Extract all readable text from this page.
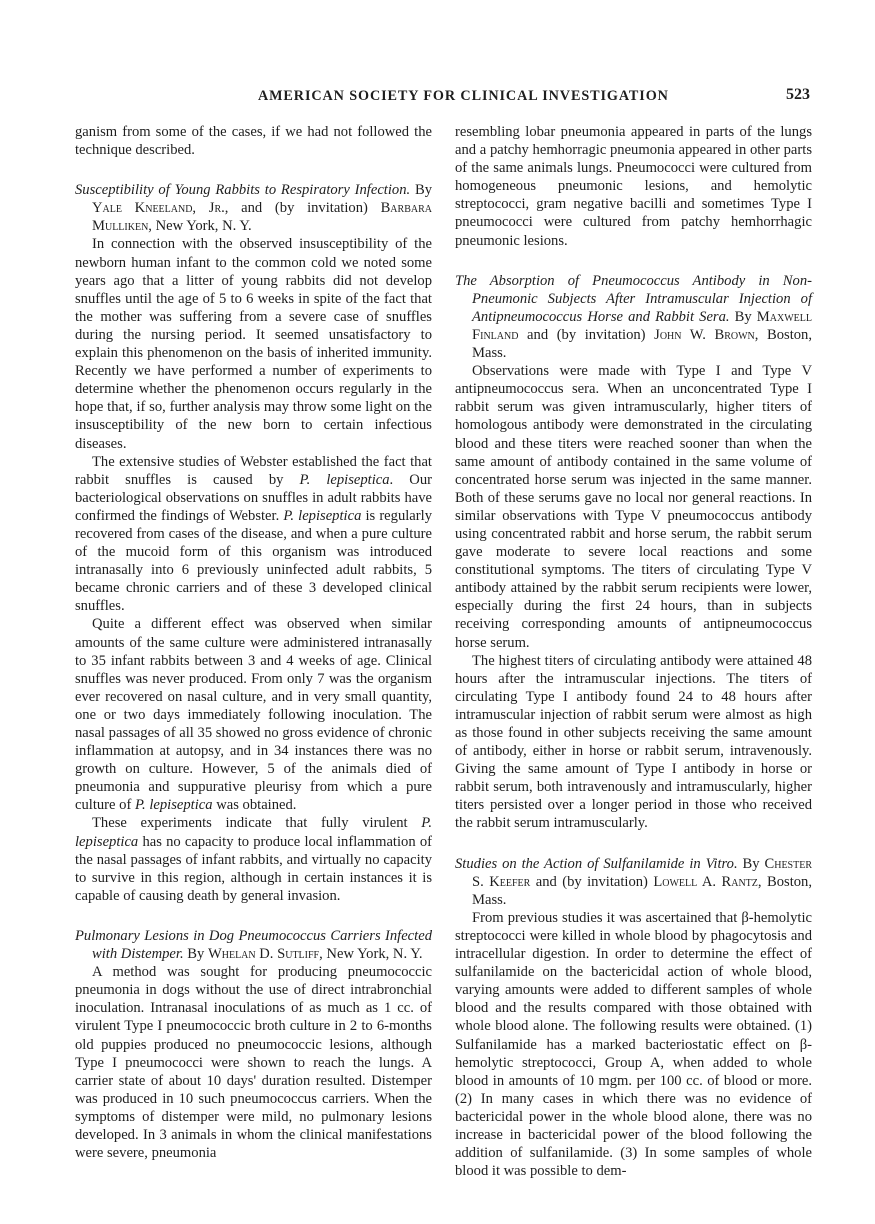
AMERICAN SOCIETY FOR CLINICAL INVESTIGATION	523

ganism from some of the cases, if we had not followed the technique described.

Susceptibility of Young Rabbits to Respiratory Infection. By Yale Kneeland, Jr., and (by invitation) Barbara Mulliken, New York, N. Y.

In connection with the observed insusceptibility of the newborn human infant to the common cold we noted some years ago that a litter of young rabbits did not develop snuffles until the age of 5 to 6 weeks in spite of the fact that the mother was suffering from a severe case of snuffles during the nursing period. It seemed unsatisfactory to explain this phenomenon on the basis of inherited immunity. Recently we have performed a number of experiments to determine whether the phenomenon occurs regularly in the hope that, if so, further analysis may throw some light on the insusceptibility of the new born to certain infectious diseases.

The extensive studies of Webster established the fact that rabbit snuffles is caused by P. lepiseptica. Our bacteriological observations on snuffles in adult rabbits have confirmed the findings of Webster. P. lepiseptica is regularly recovered from cases of the disease, and when a pure culture of the mucoid form of this organism was introduced intranasally into 6 previously uninfected adult rabbits, 5 became chronic carriers and of these 3 developed clinical snuffles.

Quite a different effect was observed when similar amounts of the same culture were administered intranasally to 35 infant rabbits between 3 and 4 weeks of age. Clinical snuffles was never produced. From only 7 was the organism ever recovered on nasal culture, and in very small quantity, one or two days immediately following inoculation. The nasal passages of all 35 showed no gross evidence of chronic inflammation at autopsy, and in 34 instances there was no growth on culture. However, 5 of the animals died of pneumonia and suppurative pleurisy from which a pure culture of P. lepiseptica was obtained.

These experiments indicate that fully virulent P. lepiseptica has no capacity to produce local inflammation of the nasal passages of infant rabbits, and virtually no capacity to survive in this region, although in certain instances it is capable of causing death by general invasion.

Pulmonary Lesions in Dog Pneumococcus Carriers Infected with Distemper. By Whelan D. Sutliff, New York, N. Y.

A method was sought for producing pneumococcic pneumonia in dogs without the use of direct intrabronchial inoculation. Intranasal inoculations of as much as 1 cc. of virulent Type I pneumococcic broth culture in 2 to 6-months old puppies produced no pneumococcic lesions, although Type I pneumococci were shown to reach the lungs. A carrier state of about 10 days' duration resulted. Distemper was produced in 10 such pneumococcus carriers. When the symptoms of distemper were mild, no pulmonary lesions developed. In 3 animals in whom the clinical manifestations were severe, pneumonia

resembling lobar pneumonia appeared in parts of the lungs and a patchy hemhorragic pneumonia appeared in other parts of the same animals lungs. Pneumococci were cultured from homogeneous pneumonic lesions, and hemolytic streptococci, gram negative bacilli and sometimes Type I pneumococci were cultured from patchy hemhorrhagic pneumonic lesions.

The Absorption of Pneumococcus Antibody in Non-Pneumonic Subjects After Intramuscular Injection of Antipneumococcus Horse and Rabbit Sera. By Maxwell Finland and (by invitation) John W. Brown, Boston, Mass.

Observations were made with Type I and Type V antipneumococcus sera. When an unconcentrated Type I rabbit serum was given intramuscularly, higher titers of homologous antibody were demonstrated in the circulating blood and these titers were reached sooner than when the same amount of antibody contained in the same volume of concentrated horse serum was injected in the same manner. Both of these serums gave no local nor general reactions. In similar observations with Type V pneumococcus antibody using concentrated rabbit and horse serum, the rabbit serum gave moderate to severe local reactions and some constitutional symptoms. The titers of circulating Type V antibody attained by the rabbit serum recipients were lower, especially during the first 24 hours, than in subjects receiving corresponding amounts of antipneumococcus horse serum.

The highest titers of circulating antibody were attained 48 hours after the intramuscular injections. The titers of circulating Type I antibody found 24 to 48 hours after intramuscular injection of rabbit serum were almost as high as those found in other subjects receiving the same amount of antibody, either in horse or rabbit serum, intravenously. Giving the same amount of Type I antibody in horse or rabbit serum, both intravenously and intramuscularly, higher titers persisted over a longer period in those who received the rabbit serum intramuscularly.

Studies on the Action of Sulfanilamide in Vitro. By Chester S. Keefer and (by invitation) Lowell A. Rantz, Boston, Mass.

From previous studies it was ascertained that β-hemolytic streptococci were killed in whole blood by phagocytosis and intracellular digestion. In order to determine the effect of sulfanilamide on the bactericidal action of whole blood, varying amounts were added to different samples of whole blood and the results compared with those obtained with whole blood alone. The following results were obtained. (1) Sulfanilamide has a marked bacteriostatic effect on β-hemolytic streptococci, Group A, when added to whole blood in amounts of 10 mgm. per 100 cc. of blood or more. (2) In many cases in which there was no evidence of bactericidal power in the whole blood alone, there was no increase in bactericidal power of the blood following the addition of sulfanilamide. (3) In some samples of whole blood it was possible to dem-
